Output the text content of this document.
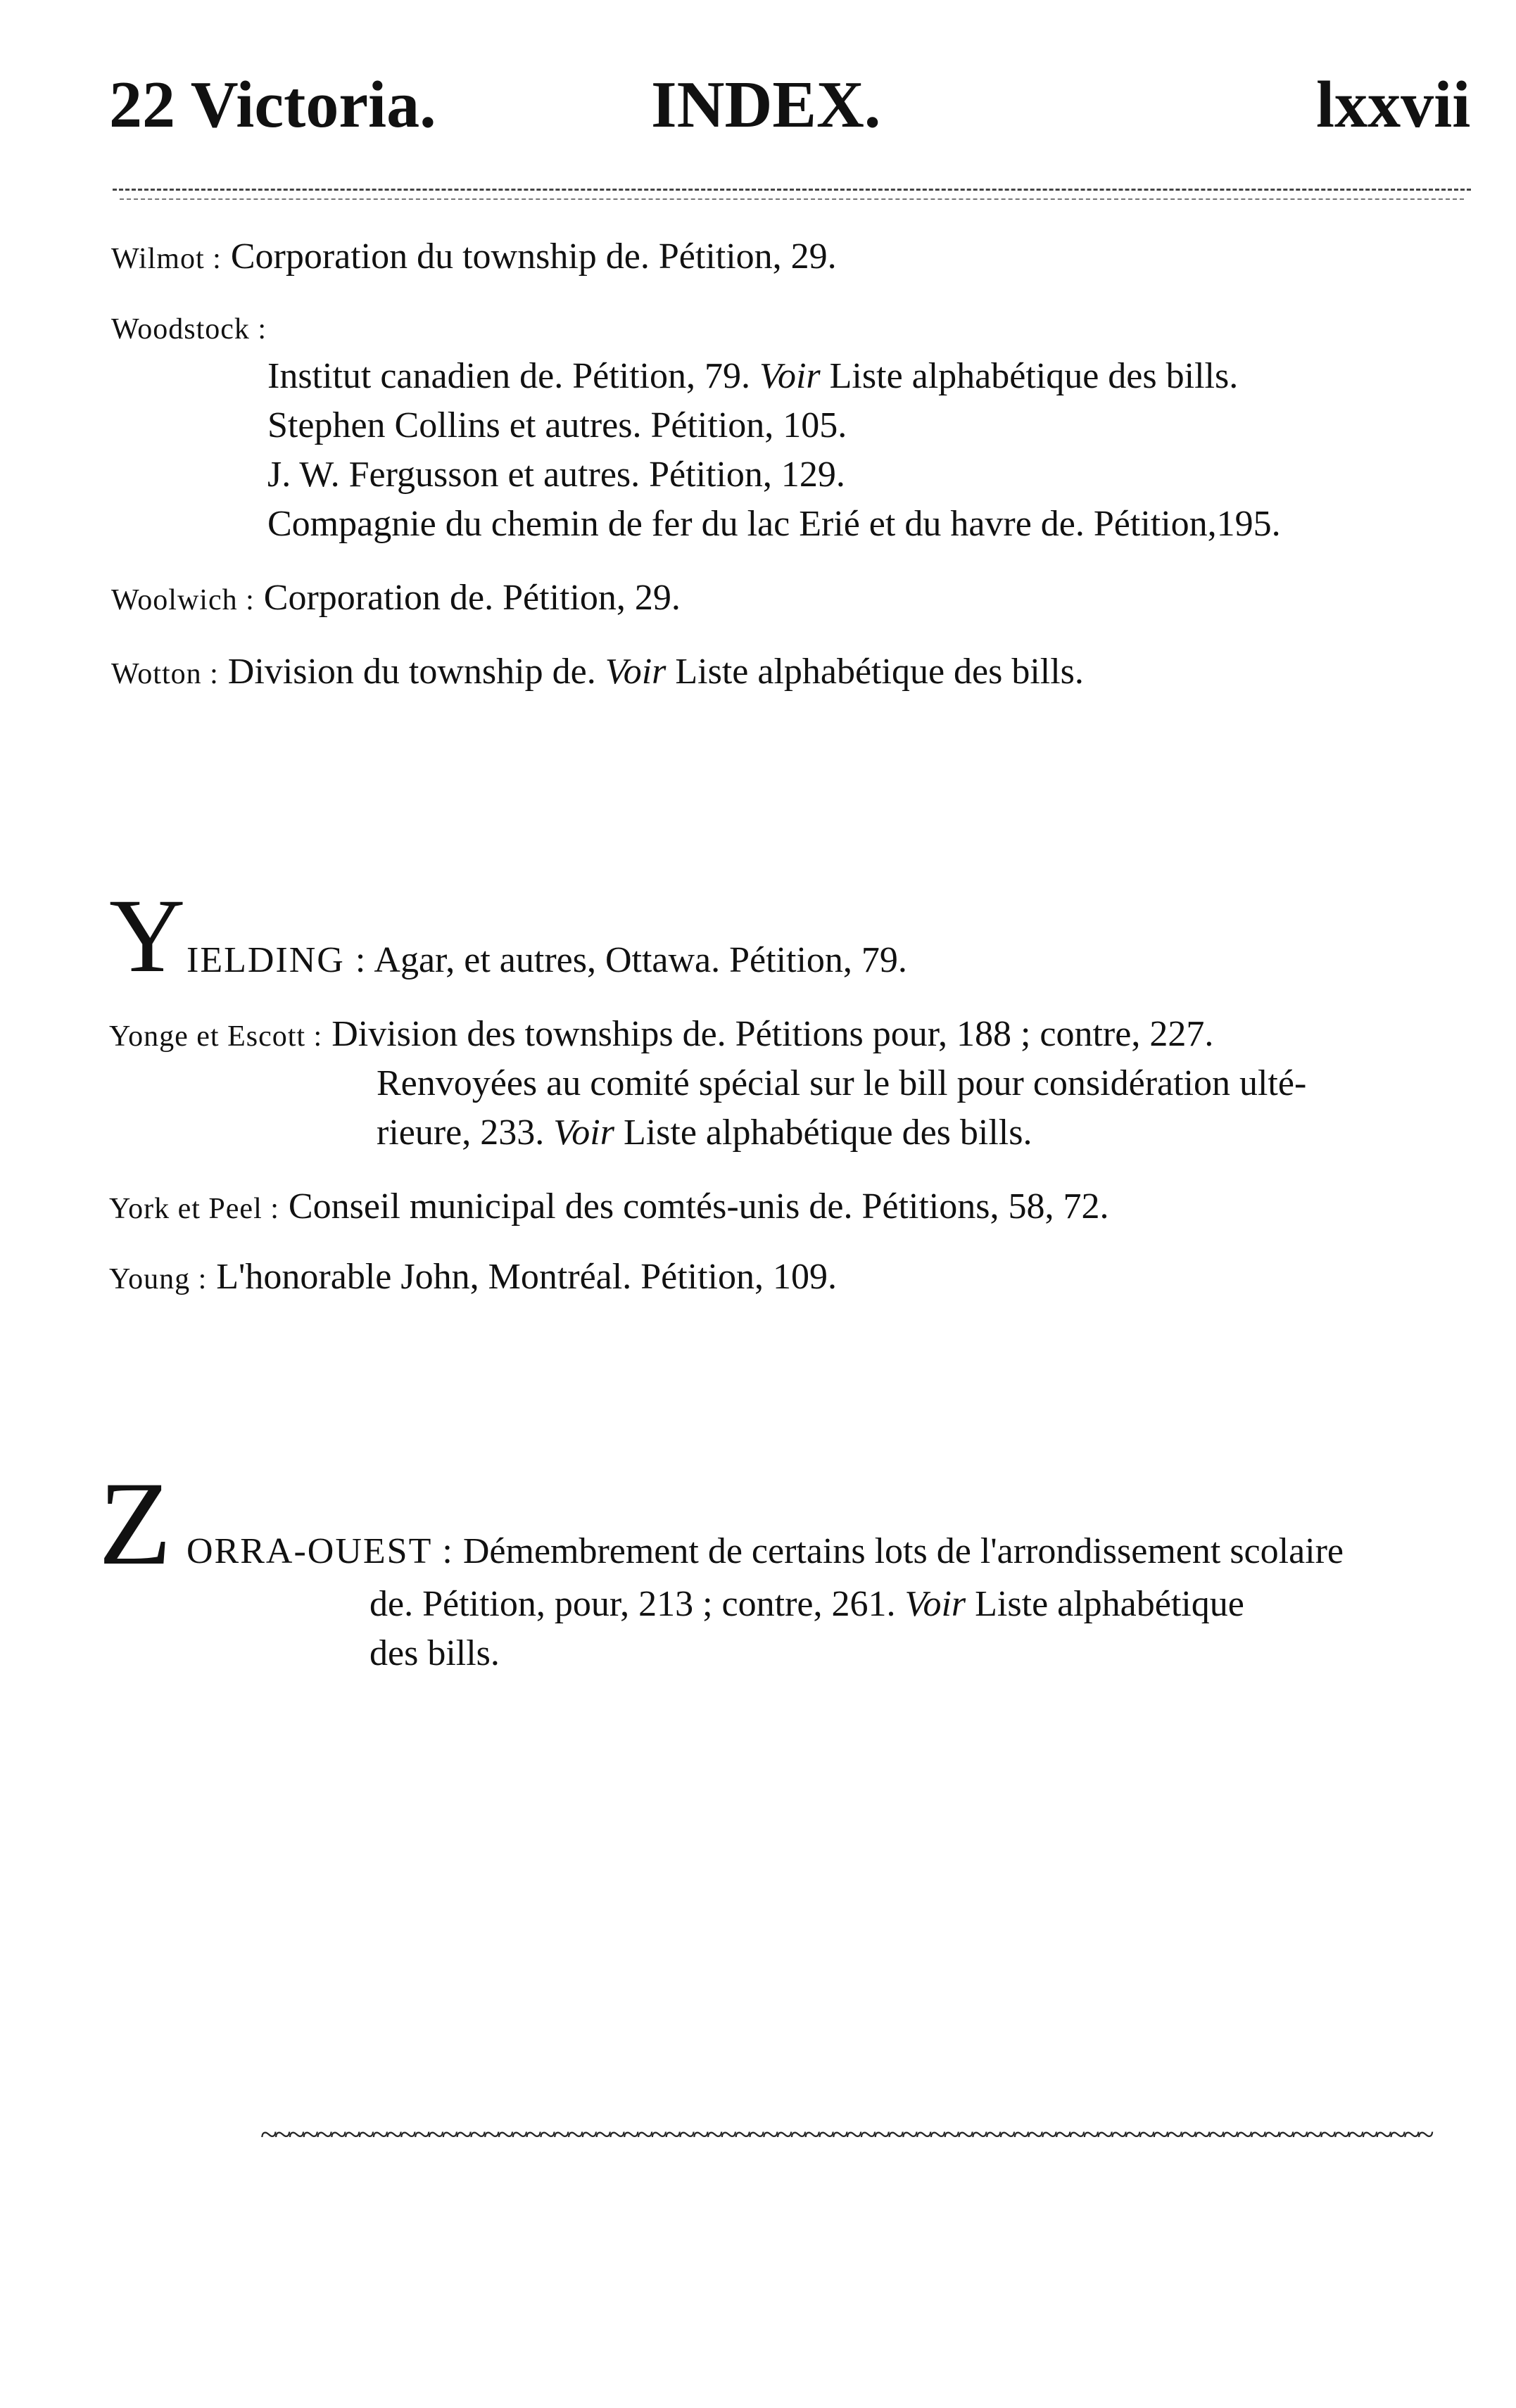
22 Victoria.	INDEX.	lxxvii
Wilmot : Corporation du township de. Pétition, 29.
Woodstock :
Institut canadien de. Pétition, 79. Voir Liste alphabétique des bills.
Stephen Collins et autres. Pétition, 105.
J. W. Fergusson et autres. Pétition, 129.
Compagnie du chemin de fer du lac Erié et du havre de. Pétition,195.
Woolwich : Corporation de. Pétition, 29.
Wotton : Division du township de. Voir Liste alphabétique des bills.
Y IELDING : Agar, et autres, Ottawa. Pétition, 79.
Yonge et Escott : Division des townships de. Pétitions pour, 188 ; contre, 227.
Renvoyées au comité spécial sur le bill pour considération ulté-
rieure, 233. Voir Liste alphabétique des bills.
York et Peel : Conseil municipal des comtés-unis de. Pétitions, 58, 72.
Young : L'honorable John, Montréal. Pétition, 109.
Z ORRA-OUEST : Démembrement de certains lots de l'arrondissement scolaire
de. Pétition, pour, 213 ; contre, 261. Voir Liste alphabétique
des bills.
~~~~~~~~~~~~~~~~~~~~~~~~~~~~~~~~~~~~~~~~~~~~~~~~~~~~~~~~~~~~~~~~~~~~~~~~~~~~~~~~~~~~
